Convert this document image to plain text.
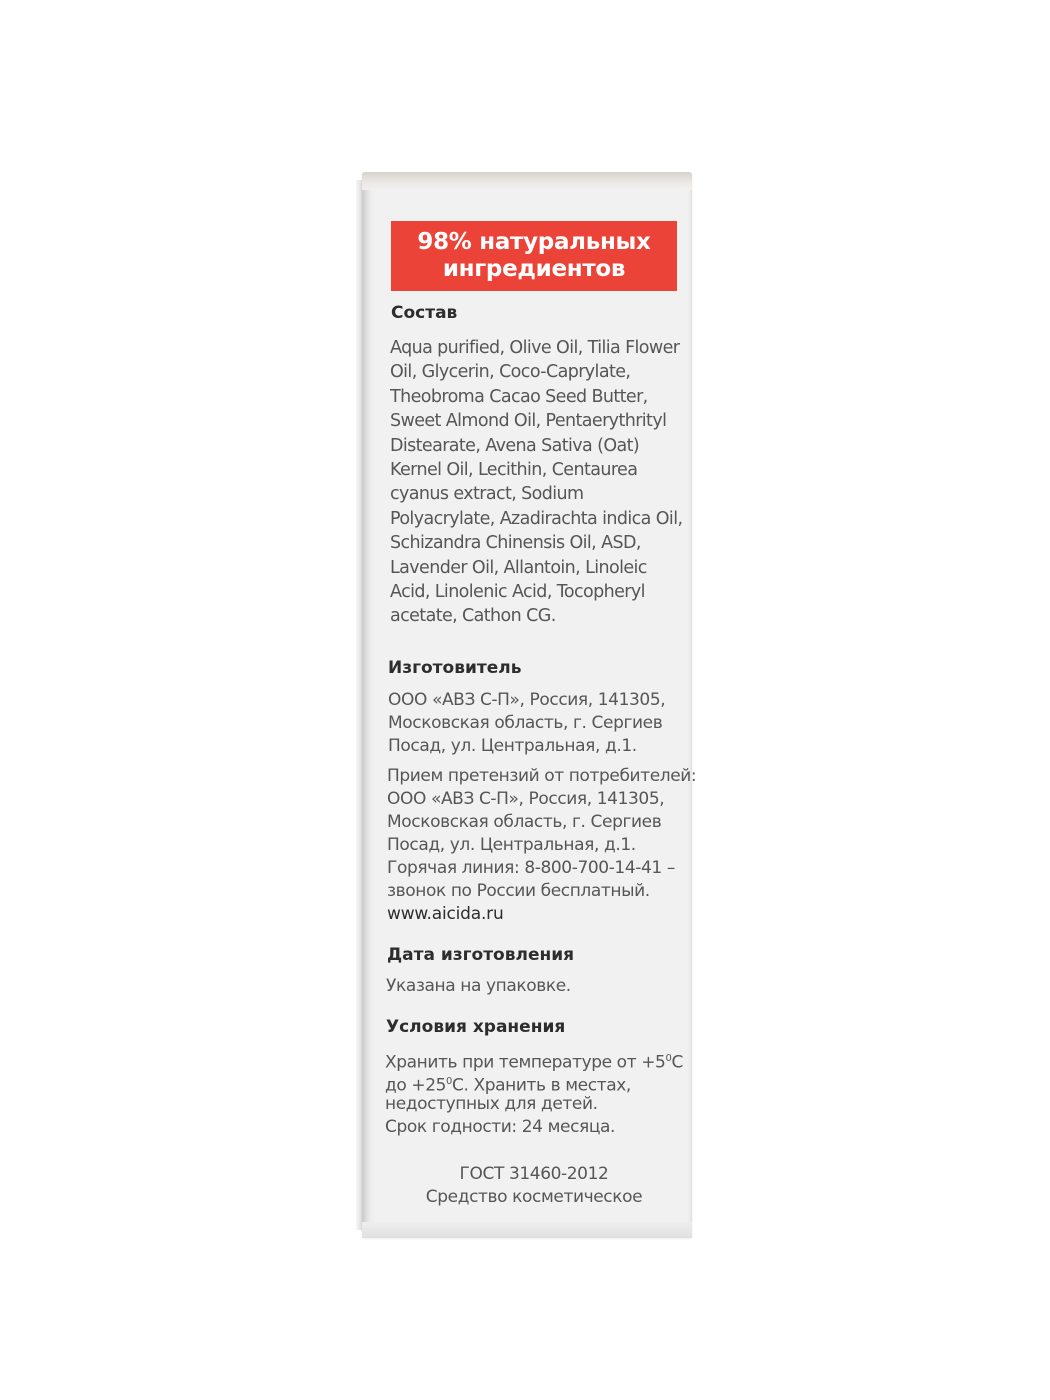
98% натуральных
ингредиентов
Состав
Aqua purified, Olive Oil, Tilia Flower
Oil, Glycerin, Coco-Caprylate,
Theobroma Cacao Seed Butter,
Sweet Almond Oil, Pentaerythrityl
Distearate, Avena Sativa (Oat)
Kernel Oil, Lecithin, Centaurea
cyanus extract, Sodium
Polyacrylate, Azadirachta indica Oil,
Schizandra Chinensis Oil, ASD,
Lavender Oil, Allantoin, Linoleic
Acid, Linolenic Acid, Tocopheryl
acetate, Cathon CG.
Изготовитель
ООО «АВЗ С-П», Россия, 141305,
Московская область, г. Сергиев
Посад, ул. Центральная, д.1.
Прием претензий от потребителей:
ООО «АВЗ С-П», Россия, 141305,
Московская область, г. Сергиев
Посад, ул. Центральная, д.1.
Горячая линия: 8-800-700-14-41 –
звонок по России бесплатный.
www.aicida.ru
Дата изготовления
Указана на упаковке.
Условия хранения
Хранить при температуре от $+5^0С$
до $+25^0С$. Хранить в местах,
недоступных для детей.
Срок годности: 24 месяца.
ГОСТ 31460-2012
Средство косметическое
